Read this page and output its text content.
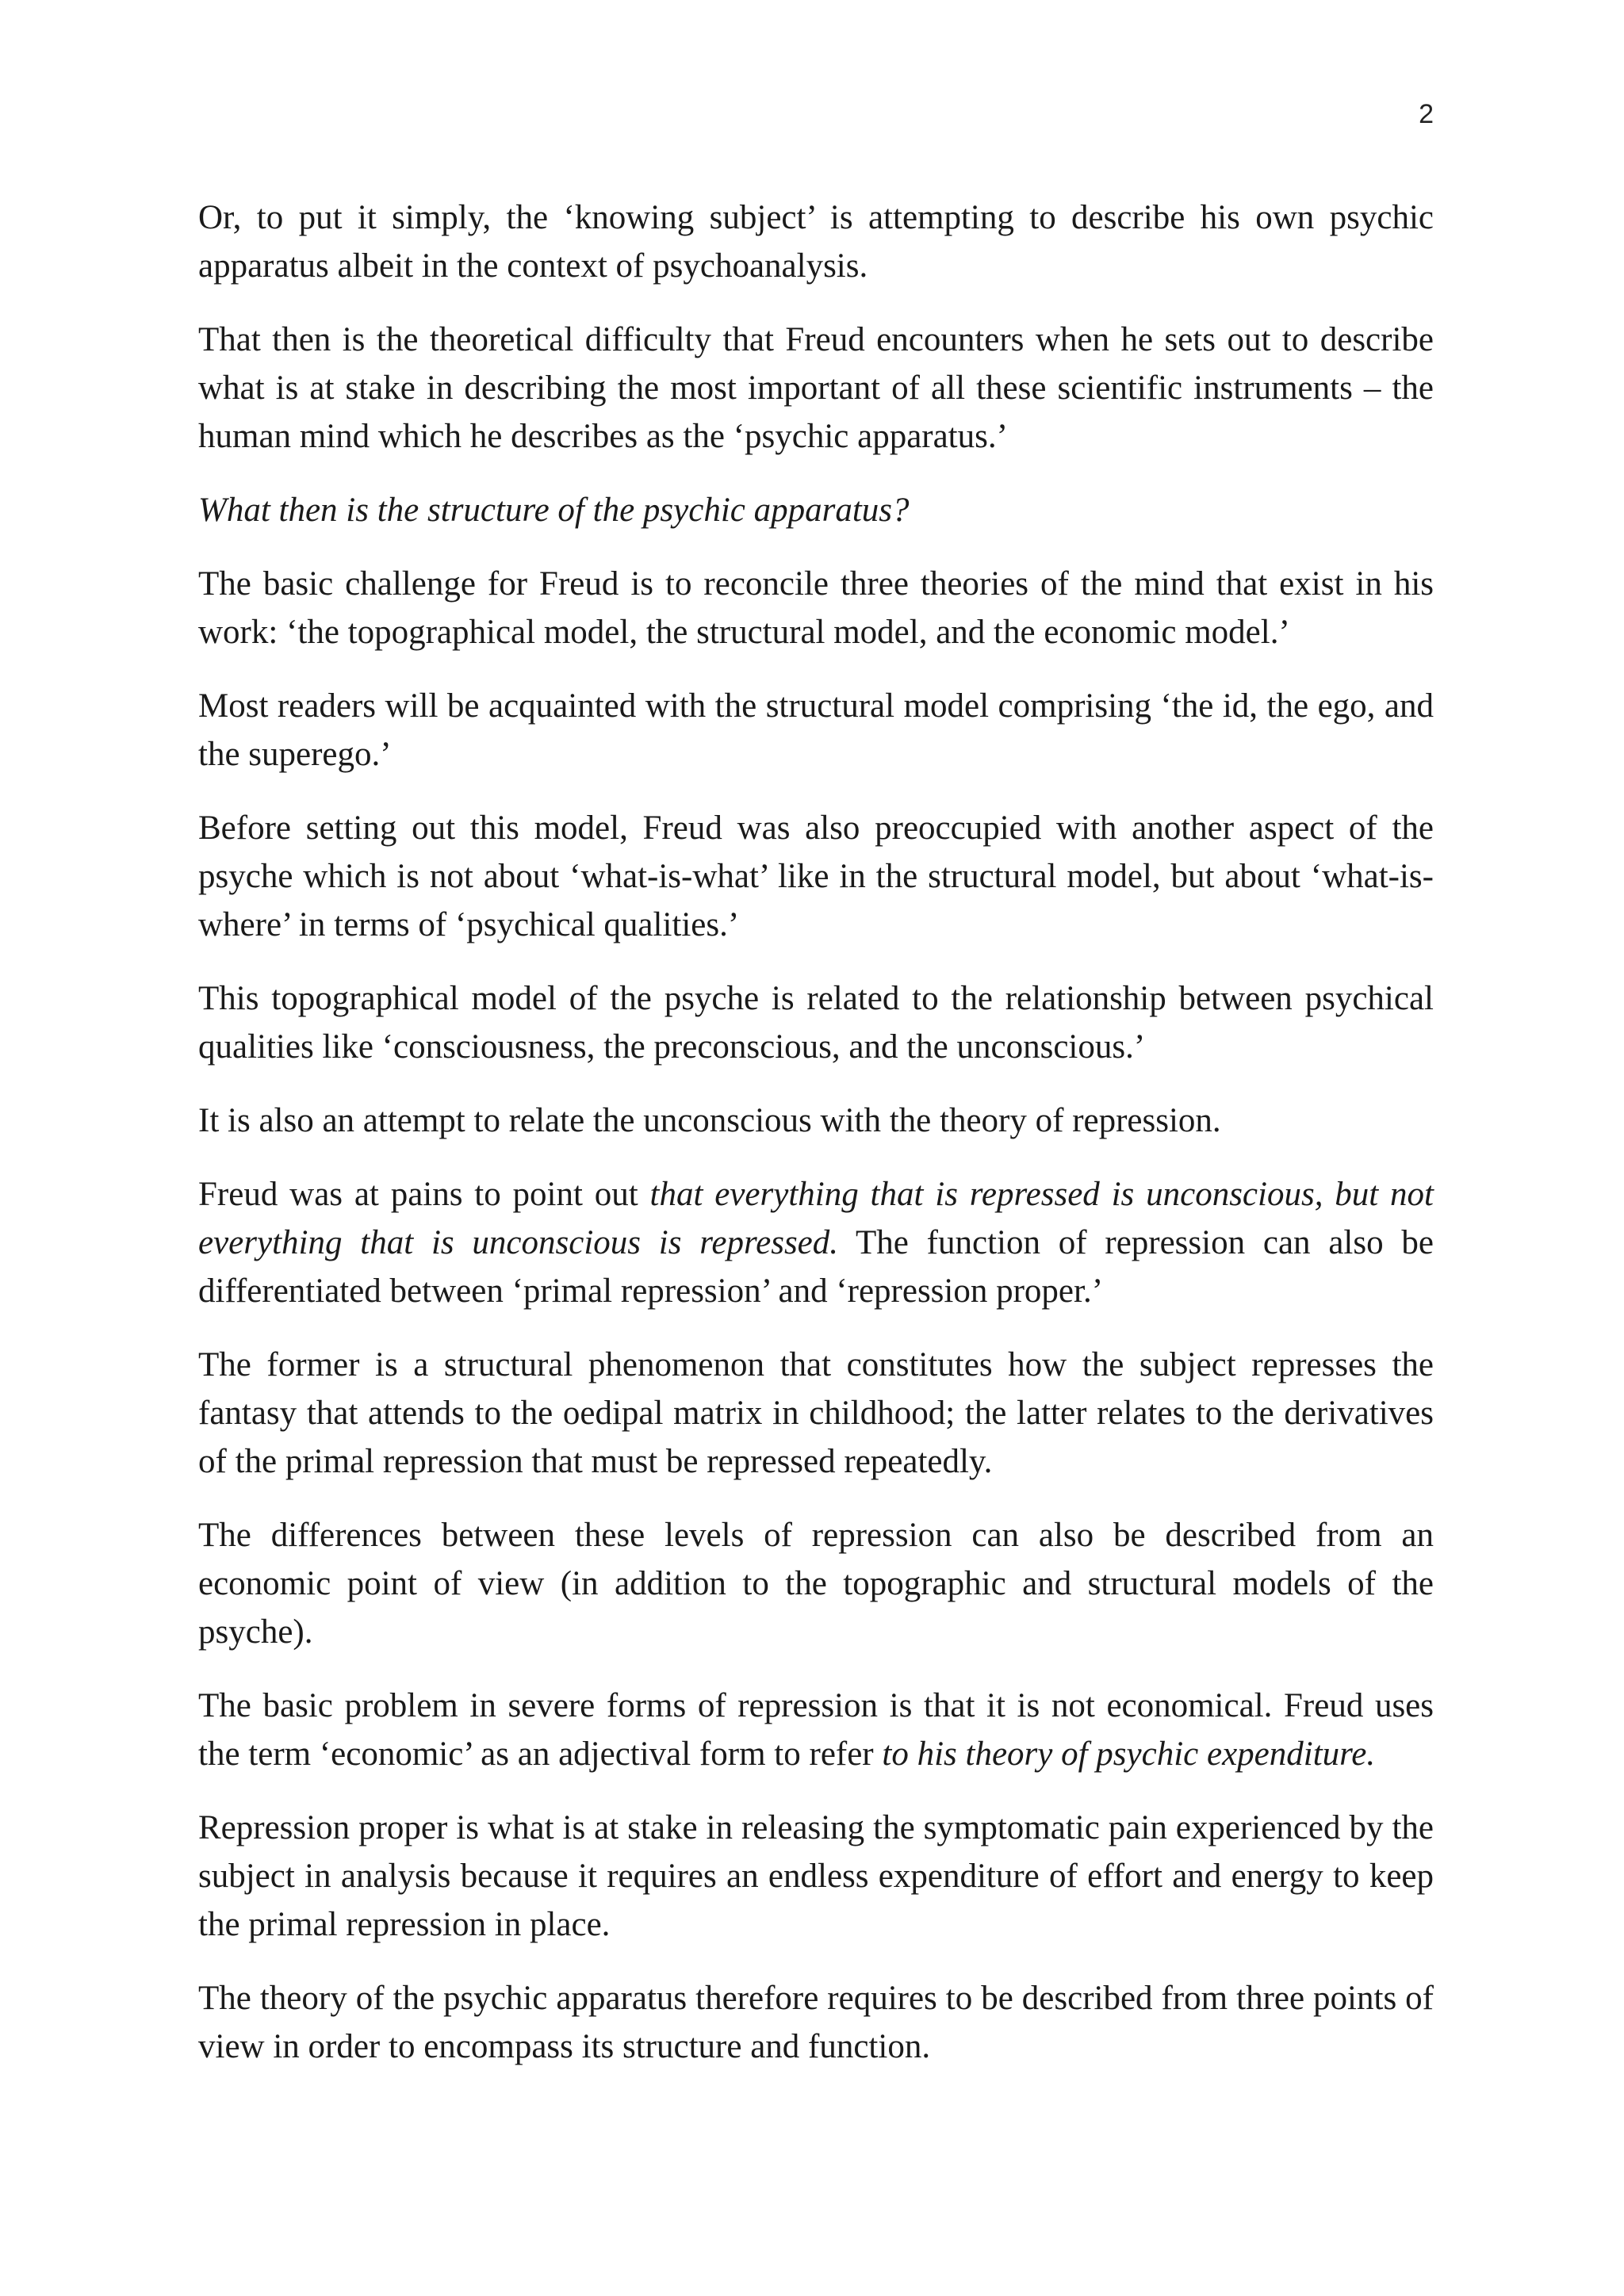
2

Or, to put it simply, the ‘knowing subject’ is attempting to describe his own psychic apparatus albeit in the context of psychoanalysis.

That then is the theoretical difficulty that Freud encounters when he sets out to describe what is at stake in describing the most important of all these scientific instruments – the human mind which he describes as the ‘psychic apparatus.’

What then is the structure of the psychic apparatus?

The basic challenge for Freud is to reconcile three theories of the mind that exist in his work: ‘the topographical model, the structural model, and the economic model.’

Most readers will be acquainted with the structural model comprising ‘the id, the ego, and the superego.’

Before setting out this model, Freud was also preoccupied with another aspect of the psyche which is not about ‘what-is-what’ like in the structural model, but about ‘what-is-where’ in terms of ‘psychical qualities.’

This topographical model of the psyche is related to the relationship between psychical qualities like ‘consciousness, the preconscious, and the unconscious.’

It is also an attempt to relate the unconscious with the theory of repression.

Freud was at pains to point out that everything that is repressed is unconscious, but not everything that is unconscious is repressed. The function of repression can also be differentiated between ‘primal repression’ and ‘repression proper.’

The former is a structural phenomenon that constitutes how the subject represses the fantasy that attends to the oedipal matrix in childhood; the latter relates to the derivatives of the primal repression that must be repressed repeatedly.

The differences between these levels of repression can also be described from an economic point of view (in addition to the topographic and structural models of the psyche).

The basic problem in severe forms of repression is that it is not economical. Freud uses the term ‘economic’ as an adjectival form to refer to his theory of psychic expenditure.

Repression proper is what is at stake in releasing the symptomatic pain experienced by the subject in analysis because it requires an endless expenditure of effort and energy to keep the primal repression in place.

The theory of the psychic apparatus therefore requires to be described from three points of view in order to encompass its structure and function.
